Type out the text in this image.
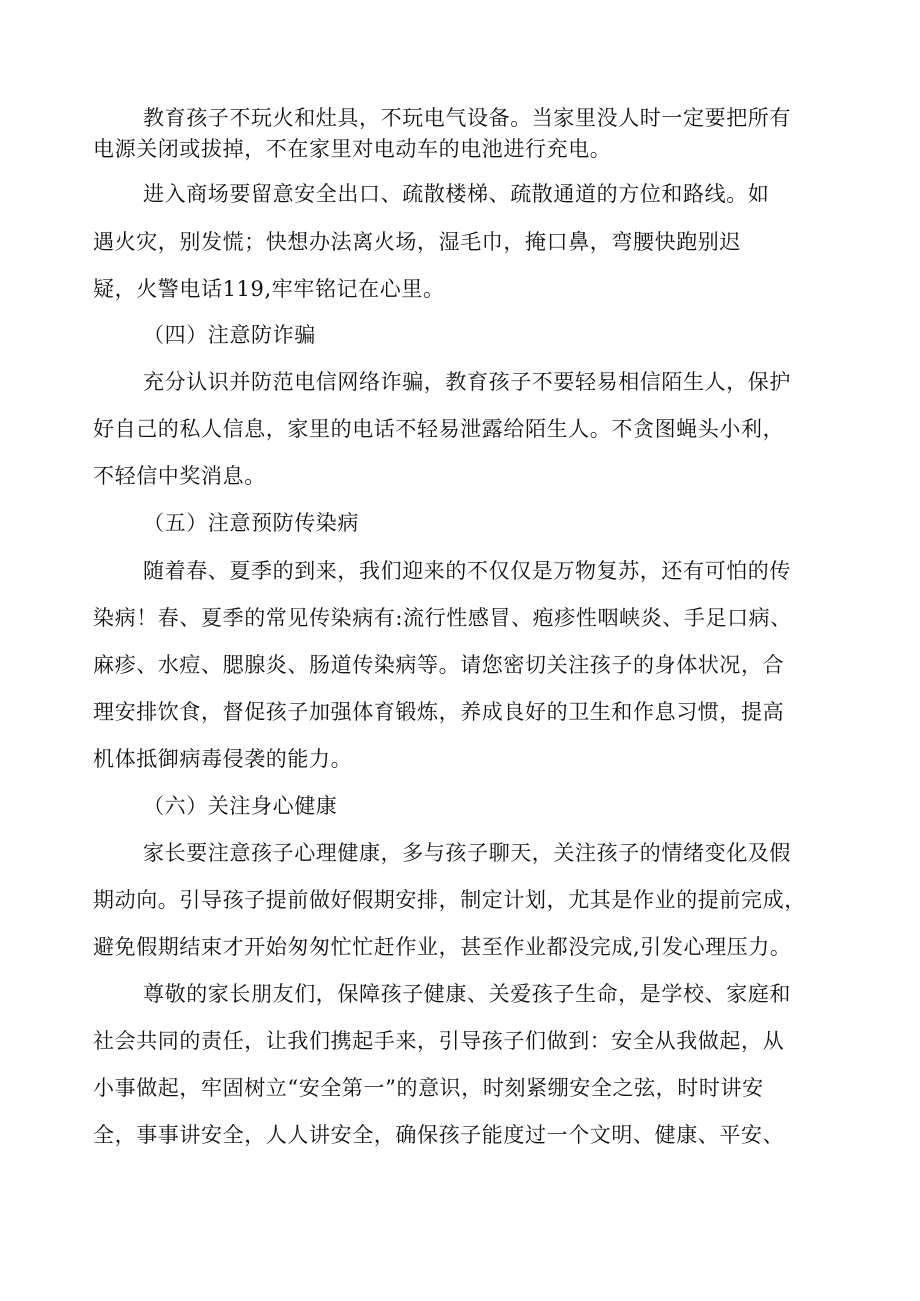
教育孩子不玩火和灶具，不玩电气设备。当家里没人时一定要把所有
电源关闭或拔掉，不在家里对电动车的电池进行充电。
进入商场要留意安全出口、疏散楼梯、疏散通道的方位和路线。如
遇火灾，别发慌；快想办法离火场，湿毛巾，掩口鼻，弯腰快跑别迟
疑，火警电话119,牢牢铭记在心里。
（四）注意防诈骗
充分认识并防范电信网络诈骗，教育孩子不要轻易相信陌生人，保护
好自己的私人信息，家里的电话不轻易泄露给陌生人。不贪图蝇头小利，
不轻信中奖消息。
（五）注意预防传染病
随着春、夏季的到来，我们迎来的不仅仅是万物复苏，还有可怕的传
染病！春、夏季的常见传染病有:流行性感冒、疱疹性咽峡炎、手足口病、
麻疹、水痘、腮腺炎、肠道传染病等。请您密切关注孩子的身体状况，合
理安排饮食，督促孩子加强体育锻炼，养成良好的卫生和作息习惯，提高
机体抵御病毒侵袭的能力。
（六）关注身心健康
家长要注意孩子心理健康，多与孩子聊天，关注孩子的情绪变化及假
期动向。引导孩子提前做好假期安排，制定计划，尤其是作业的提前完成，
避免假期结束才开始匆匆忙忙赶作业，甚至作业都没完成,引发心理压力。
尊敬的家长朋友们，保障孩子健康、关爱孩子生命，是学校、家庭和
社会共同的责任，让我们携起手来，引导孩子们做到：安全从我做起，从
小事做起，牢固树立“安全第一”的意识，时刻紧绷安全之弦，时时讲安
全，事事讲安全，人人讲安全，确保孩子能度过一个文明、健康、平安、
